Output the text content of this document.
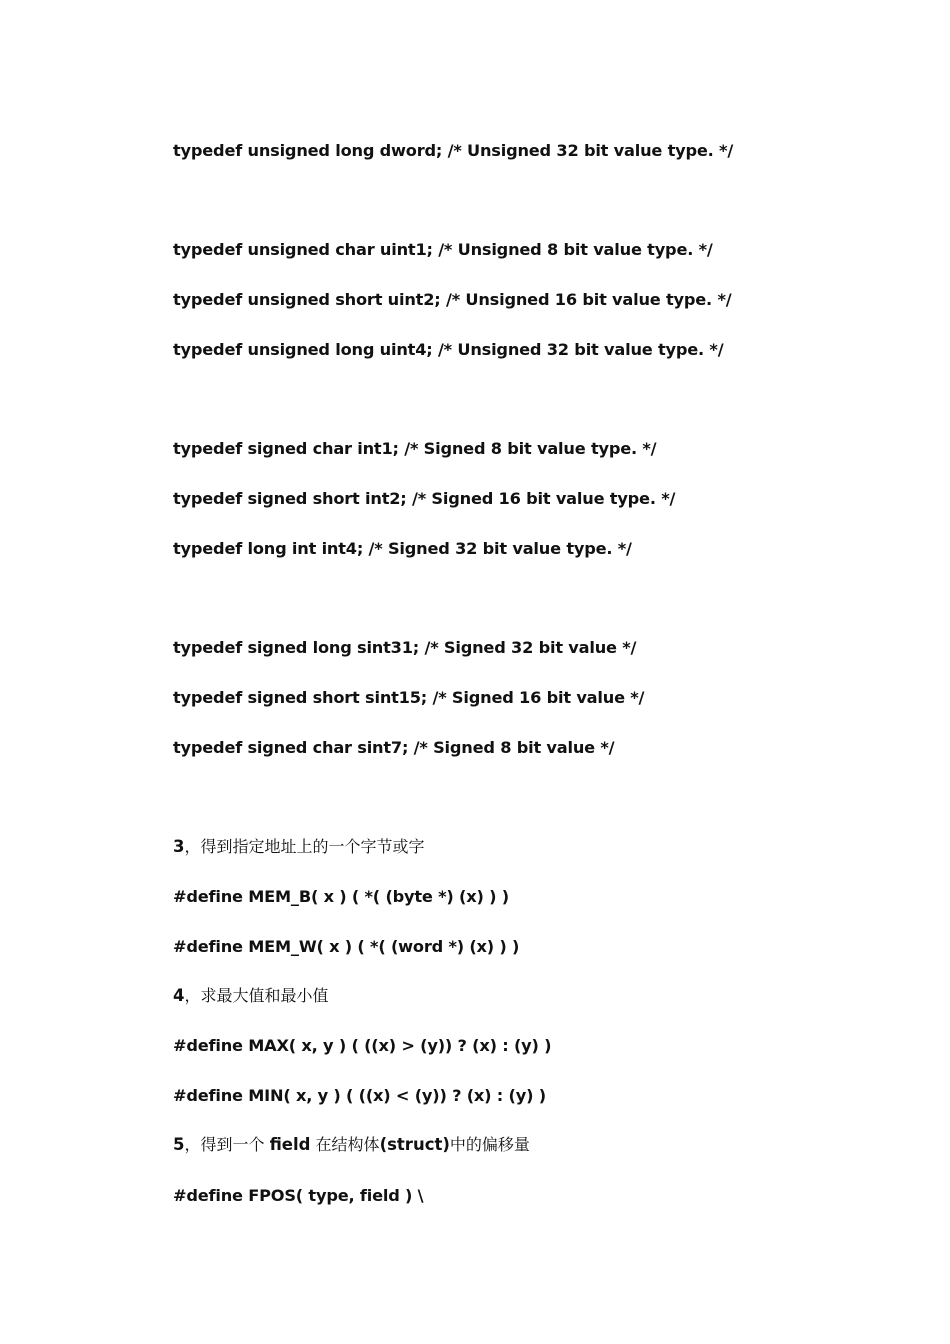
typedef unsigned long dword; /* Unsigned 32 bit value type. */
typedef unsigned char uint1; /* Unsigned 8 bit value type. */
typedef unsigned short uint2; /* Unsigned 16 bit value type. */
typedef unsigned long uint4; /* Unsigned 32 bit value type. */
typedef signed char int1; /* Signed 8 bit value type. */
typedef signed short int2; /* Signed 16 bit value type. */
typedef long int int4; /* Signed 32 bit value type. */
typedef signed long sint31; /* Signed 32 bit value */
typedef signed short sint15; /* Signed 16 bit value */
typedef signed char sint7; /* Signed 8 bit value */
3，得到指定地址上的一个字节或字
#define MEM_B( x ) ( *( (byte *) (x) ) )
#define MEM_W( x ) ( *( (word *) (x) ) )
4，求最大值和最小值
#define MAX( x, y ) ( ((x) > (y)) ? (x) : (y) )
#define MIN( x, y ) ( ((x) < (y)) ? (x) : (y) )
5，得到一个 field 在结构体(struct)中的偏移量
#define FPOS( type, field ) \
